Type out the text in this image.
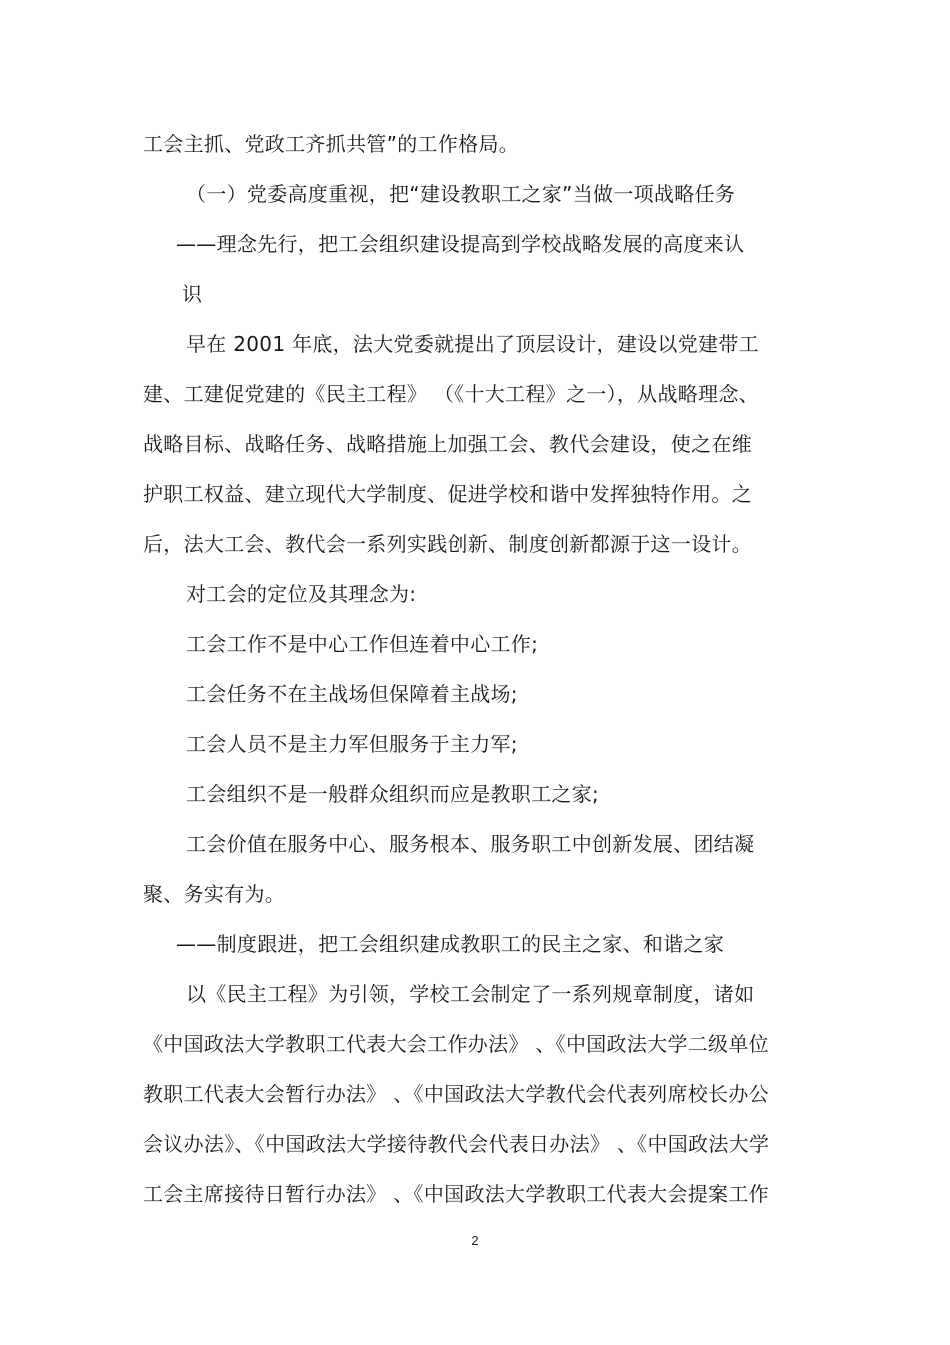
工会主抓、党政工齐抓共管”的工作格局。
（一）党委高度重视，把“建设教职工之家”当做一项战略任务
——理念先行，把工会组织建设提高到学校战略发展的高度来认
识
早在 2001 年底，法大党委就提出了顶层设计，建设以党建带工
建、工建促党建的《民主工程》 （《十大工程》之一），从战略理念、
战略目标、战略任务、战略措施上加强工会、教代会建设，使之在维
护职工权益、建立现代大学制度、促进学校和谐中发挥独特作用。之
后，法大工会、教代会一系列实践创新、制度创新都源于这一设计。
对工会的定位及其理念为:
工会工作不是中心工作但连着中心工作;
工会任务不在主战场但保障着主战场;
工会人员不是主力军但服务于主力军;
工会组织不是一般群众组织而应是教职工之家;
工会价值在服务中心、服务根本、服务职工中创新发展、团结凝
聚、务实有为。
——制度跟进，把工会组织建成教职工的民主之家、和谐之家
以《民主工程》为引领，学校工会制定了一系列规章制度，诸如
《中国政法大学教职工代表大会工作办法》 、《中国政法大学二级单位
教职工代表大会暂行办法》 、《中国政法大学教代会代表列席校长办公
会议办法》、《中国政法大学接待教代会代表日办法》 、《中国政法大学
工会主席接待日暂行办法》 、《中国政法大学教职工代表大会提案工作
2
